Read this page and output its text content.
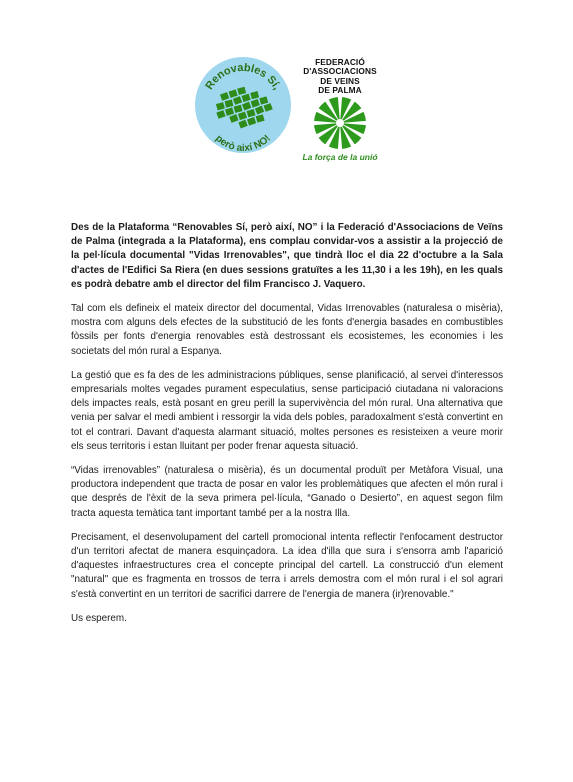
Renovables Sí,
però així NO!
FEDERACIÓ
D'ASSOCIACIONS
DE VEINS
DE PALMA
La força de la unió

Des de la Plataforma “Renovables Sí, però així, NO” i la Federació d'Associacions de Veïns de Palma (integrada a la Plataforma), ens complau convidar-vos a assistir a la projecció de la pel·lícula documental "Vidas Irrenovables", que tindrà lloc el dia 22 d'octubre a la Sala d'actes de l'Edifici Sa Riera (en dues sessions gratuïtes a les 11,30 i a les 19h), en les quals es podrà debatre amb el director del film Francisco J. Vaquero.

Tal com els defineix el mateix director del documental, Vidas Irrenovables (naturalesa o misèria), mostra com alguns dels efectes de la substitució de les fonts d'energia basades en combustibles fòssils per fonts d'energia renovables està destrossant els ecosistemes, les economies i les societats del món rural a Espanya.

La gestió que es fa des de les administracions públiques, sense planificació, al servei d'interessos empresarials moltes vegades purament especulatius, sense participació ciutadana ni valoracions dels impactes reals, està posant en greu perill la supervivència del món rural. Una alternativa que venia per salvar el medi ambient i ressorgir la vida dels pobles, paradoxalment s'està convertint en tot el contrari. Davant d'aquesta alarmant situació, moltes persones es resisteixen a veure morir els seus territoris i estan lluitant per poder frenar aquesta situació.

“Vidas irrenovables” (naturalesa o misèria), és un documental produït per Metàfora Visual, una productora independent que tracta de posar en valor les problemàtiques que afecten el món rural i que després de l'èxit de la seva primera pel·lícula, “Ganado o Desierto”, en aquest segon film tracta aquesta temàtica tant important també per a la nostra Illa.

Precisament, el desenvolupament del cartell promocional intenta reflectir l'enfocament destructor d'un territori afectat de manera esquinçadora. La idea d'illa que sura i s'ensorra amb l'aparició d'aquestes infraestructures crea el concepte principal del cartell. La construcció d'un element "natural" que es fragmenta en trossos de terra i arrels demostra com el món rural i el sol agrari s'està convertint en un territori de sacrifici darrere de l'energia de manera (ir)renovable."

Us esperem.
